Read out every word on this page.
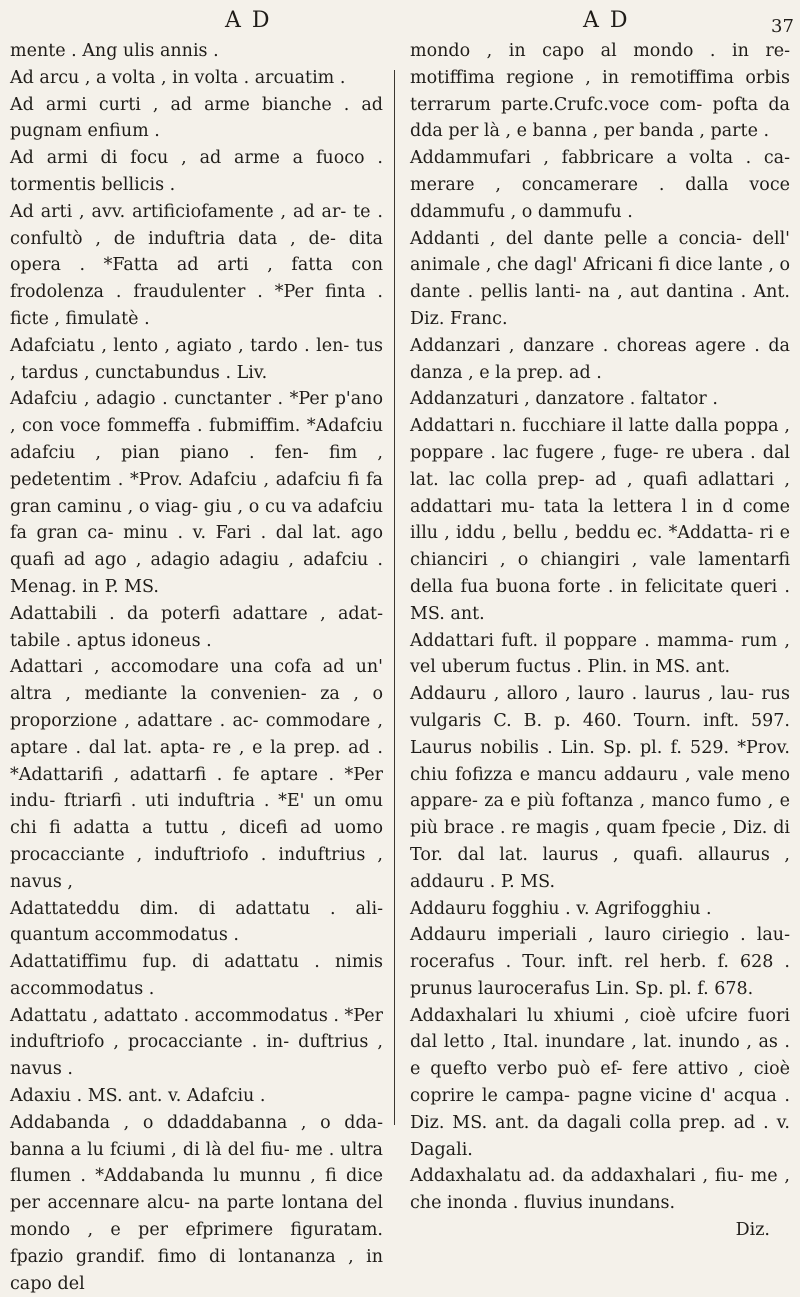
A D	A D	37

mente . Ang ulis annis .

Ad arcu , a volta , in volta . arcuatim .

Ad armi curti , ad arme bianche . ad pugnam enfium .

Ad armi di focu , ad arme a fuoco . tormentis bellicis .

Ad arti , avv. artificiofamente , ad ar- te . confultò , de induftria data , de- dita opera . *Fatta ad arti , fatta con frodolenza . fraudulenter . *Per finta . ficte , fimulatè .

Adafciatu , lento , agiato , tardo . len- tus , tardus , cunctabundus . Liv.

Adafciu , adagio . cunctanter . *Per p'ano , con voce fommeffa . fubmiffim. *Adafciu adafciu , pian piano . fen- fim , pedetentim . *Prov. Adafciu , adafciu fi fa gran caminu , o viag- giu , o cu va adafciu fa gran ca- minu . v. Fari . dal lat. ago quafi ad ago , adagio adagiu , adafciu . Menag. in P. MS.

Adattabili . da poterfi adattare , adat- tabile . aptus idoneus .

Adattari , accomodare una cofa ad un' altra , mediante la convenien- za , o proporzione , adattare . ac- commodare , aptare . dal lat. apta- re , e la prep. ad . *Adattarifi , adattarfi . fe aptare . *Per indu- ftriarfi . uti induftria . *E' un omu chi fi adatta a tuttu , dicefi ad uomo procacciante , induftriofo . induftrius , navus ,

Adattateddu dim. di adattatu . ali- quantum accommodatus .

Adattatiffimu fup. di adattatu . nimis accommodatus .

Adattatu , adattato . accommodatus . *Per induftriofo , procacciante . in- duftrius , navus .

Adaxiu . MS. ant. v. Adafciu .

Addabanda , o ddaddabanna , o dda- banna a lu fciumi , di là del fiu- me . ultra flumen . *Addabanda lu munnu , fi dice per accennare alcu- na parte lontana del mondo , e per efprimere figuratam. fpazio grandif. fimo di lontananza , in capo del

mondo , in capo al mondo . in re- motiffima regione , in remotiffima orbis terrarum parte.Crufc.voce com- pofta da dda per là , e banna , per banda , parte .

Addammufari , fabbricare a volta . ca- merare , concamerare . dalla voce ddammufu , o dammufu .

Addanti , del dante pelle a concia- dell' animale , che dagl' Africani fi dice lante , o dante . pellis lanti- na , aut dantina . Ant. Diz. Franc.

Addanzari , danzare . choreas agere . da danza , e la prep. ad .

Addanzaturi , danzatore . faltator .

Addattari n. fucchiare il latte dalla poppa , poppare . lac fugere , fuge- re ubera . dal lat. lac colla prep- ad , quafi adlattari , addattari mu- tata la lettera l in d come illu , iddu , bellu , beddu ec. *Addatta- ri e chianciri , o chiangiri , vale lamentarfi della fua buona forte . in felicitate queri . MS. ant.

Addattari fuft. il poppare . mamma- rum , vel uberum fuctus . Plin. in MS. ant.

Addauru , alloro , lauro . laurus , lau- rus vulgaris C. B. p. 460. Tourn. inft. 597. Laurus nobilis . Lin. Sp. pl. f. 529. *Prov. chiu fofizza e mancu addauru , vale meno appare- za e più foftanza , manco fumo , e più brace . re magis , quam fpecie , Diz. di Tor. dal lat. laurus , quafi. allaurus , addauru . P. MS.

Addauru fogghiu . v. Agrifogghiu .

Addauru imperiali , lauro ciriegio . lau- rocerafus . Tour. inft. rel herb. f. 628 . prunus laurocerafus Lin. Sp. pl. f. 678.

Addaxhalari lu xhiumi , cioè ufcire fuori dal letto , Ital. inundare , lat. inundo , as . e quefto verbo può ef- fere attivo , cioè coprire le campa- pagne vicine d' acqua . Diz. MS. ant. da dagali colla prep. ad . v. Dagali.

Addaxhalatu ad. da addaxhalari , fiu- me , che inonda . fluvius inundans.

Diz.
